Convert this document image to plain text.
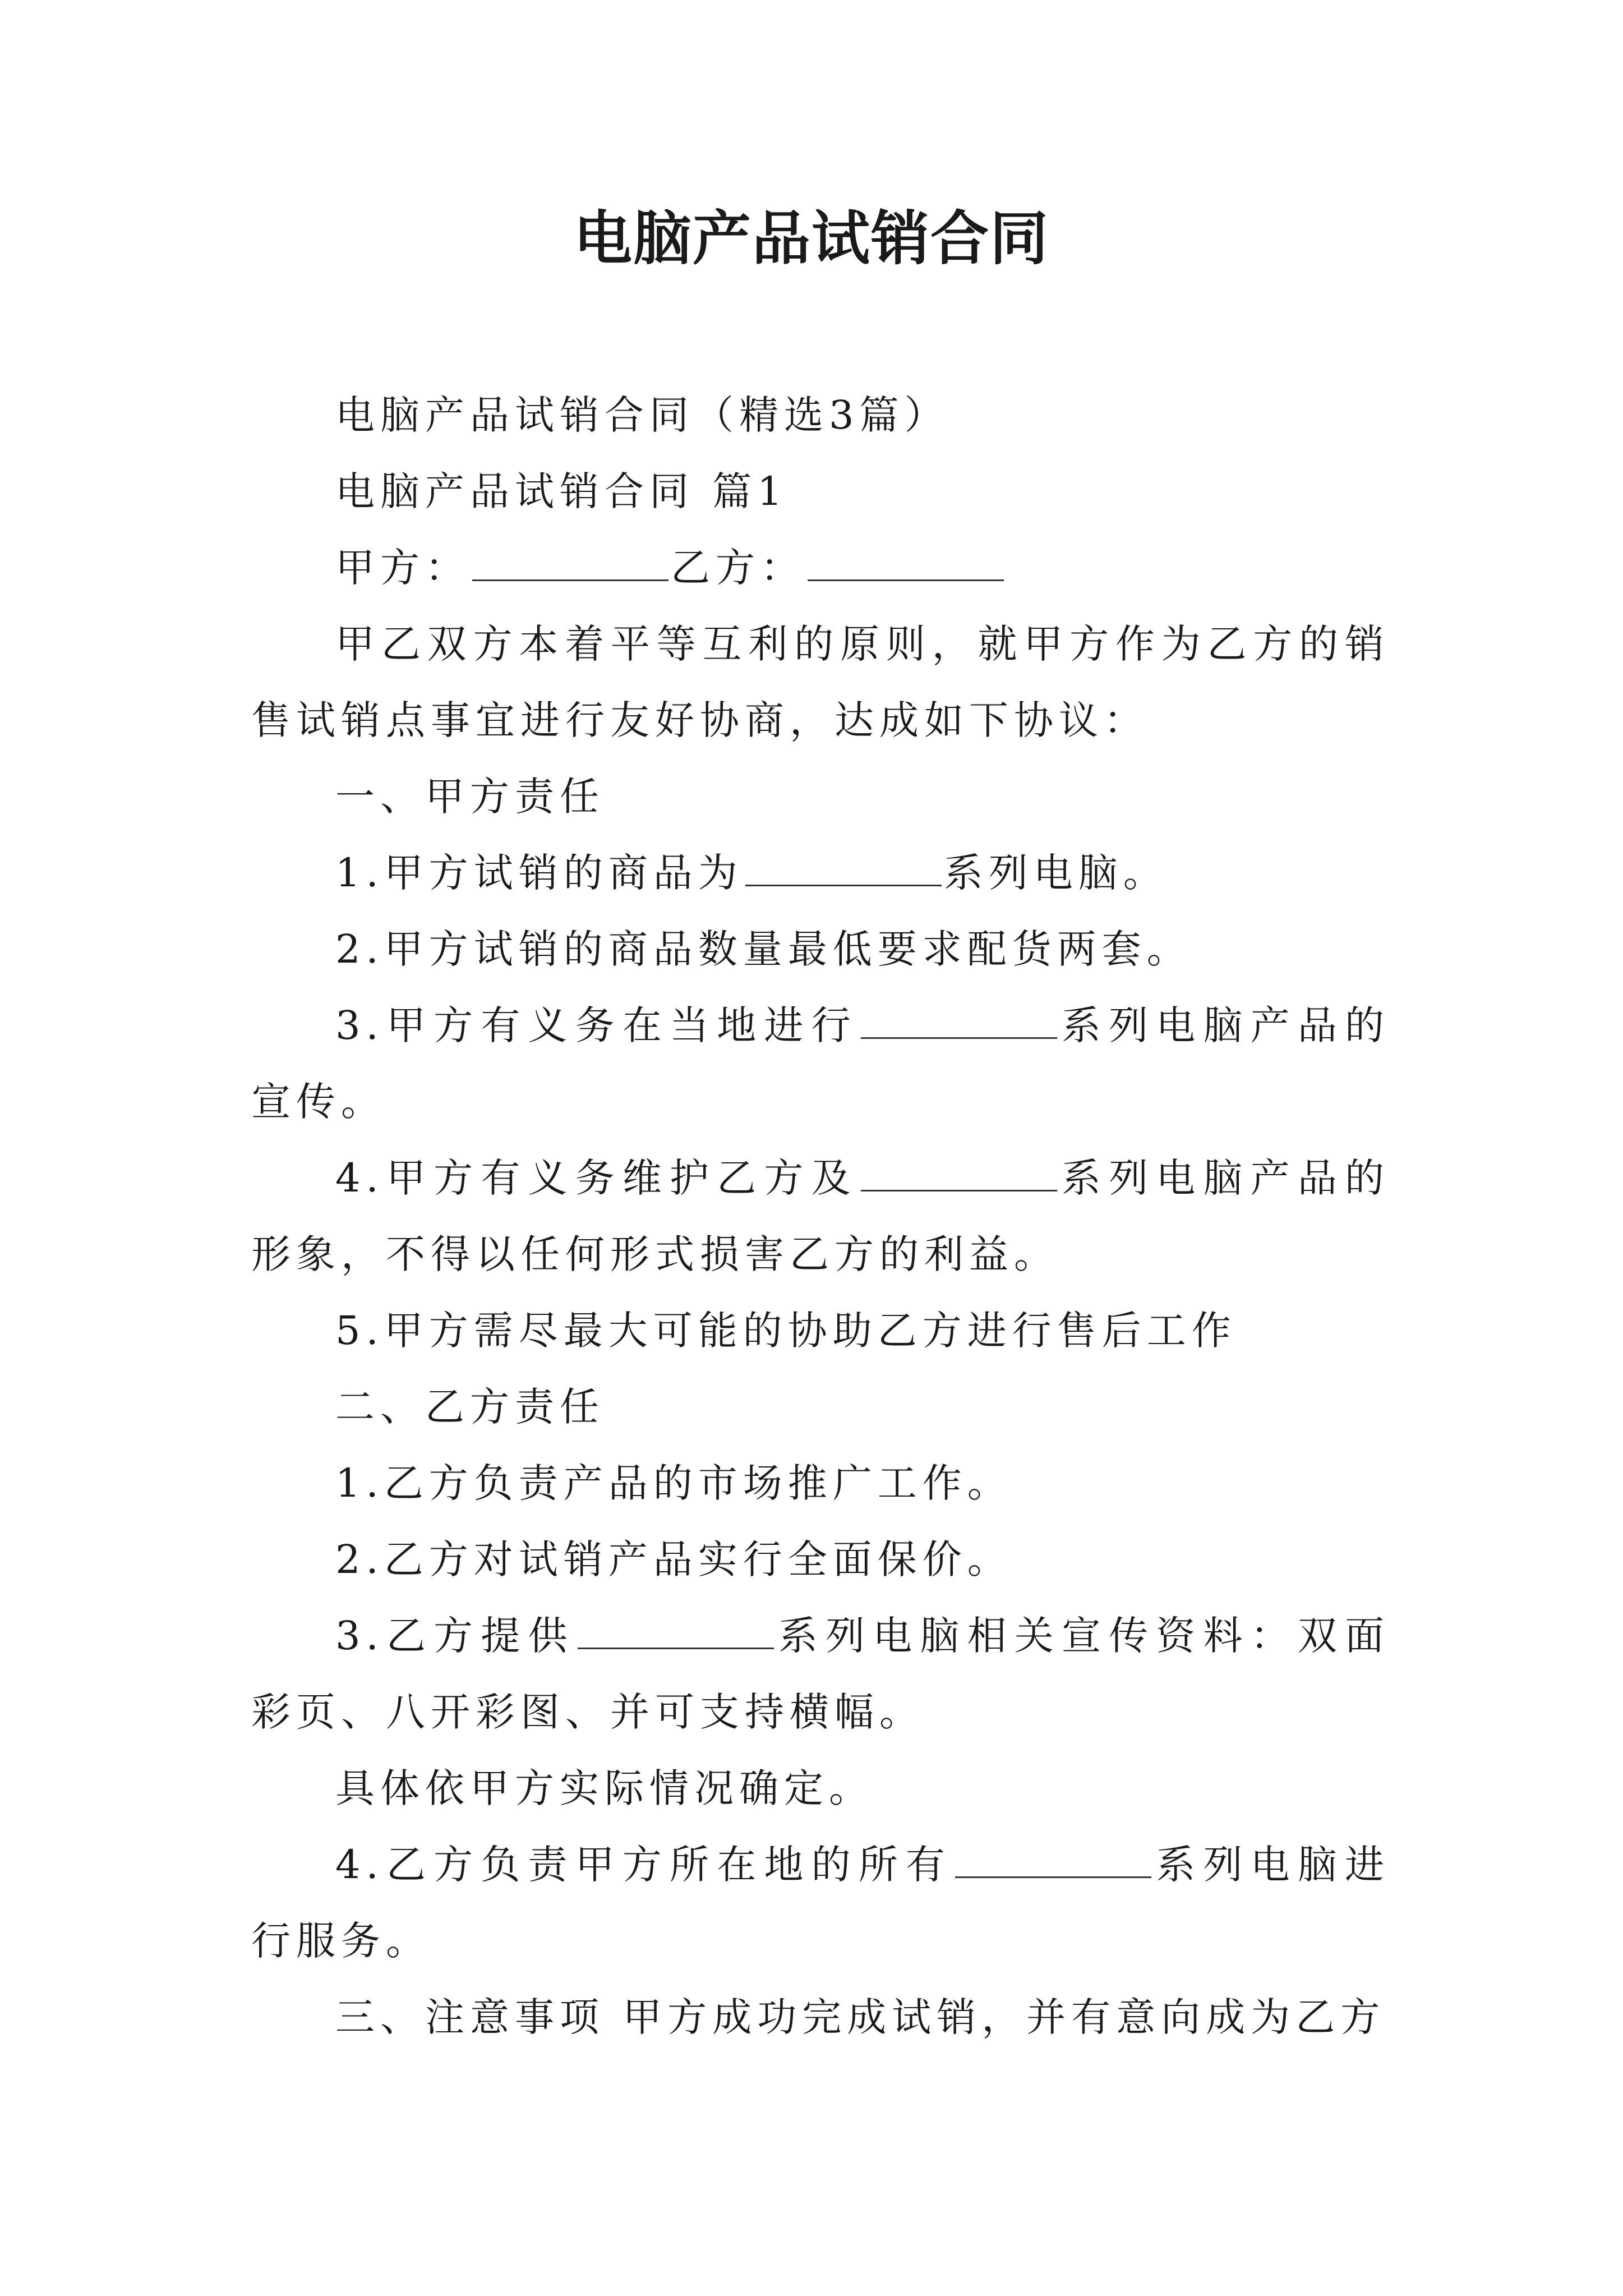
电脑产品试销合同

电脑产品试销合同（精选3篇）

电脑产品试销合同 篇1

甲方：	乙方：

甲乙双方本着平等互利的原则，就甲方作为乙方的销售试销点事宜进行友好协商，达成如下协议：

一、甲方责任

1.甲方试销的商品为	系列电脑。

2.甲方试销的商品数量最低要求配货两套。

3.甲方有义务在当地进行	系列电脑产品的宣传。

4.甲方有义务维护乙方及	系列电脑产品的形象，不得以任何形式损害乙方的利益。

5.甲方需尽最大可能的协助乙方进行售后工作

二、乙方责任

1.乙方负责产品的市场推广工作。

2.乙方对试销产品实行全面保价。

3.乙方提供	系列电脑相关宣传资料：双面彩页、八开彩图、并可支持横幅。

具体依甲方实际情况确定。

4.乙方负责甲方所在地的所有	系列电脑进行服务。

三、注意事项 甲方成功完成试销，并有意向成为乙方
